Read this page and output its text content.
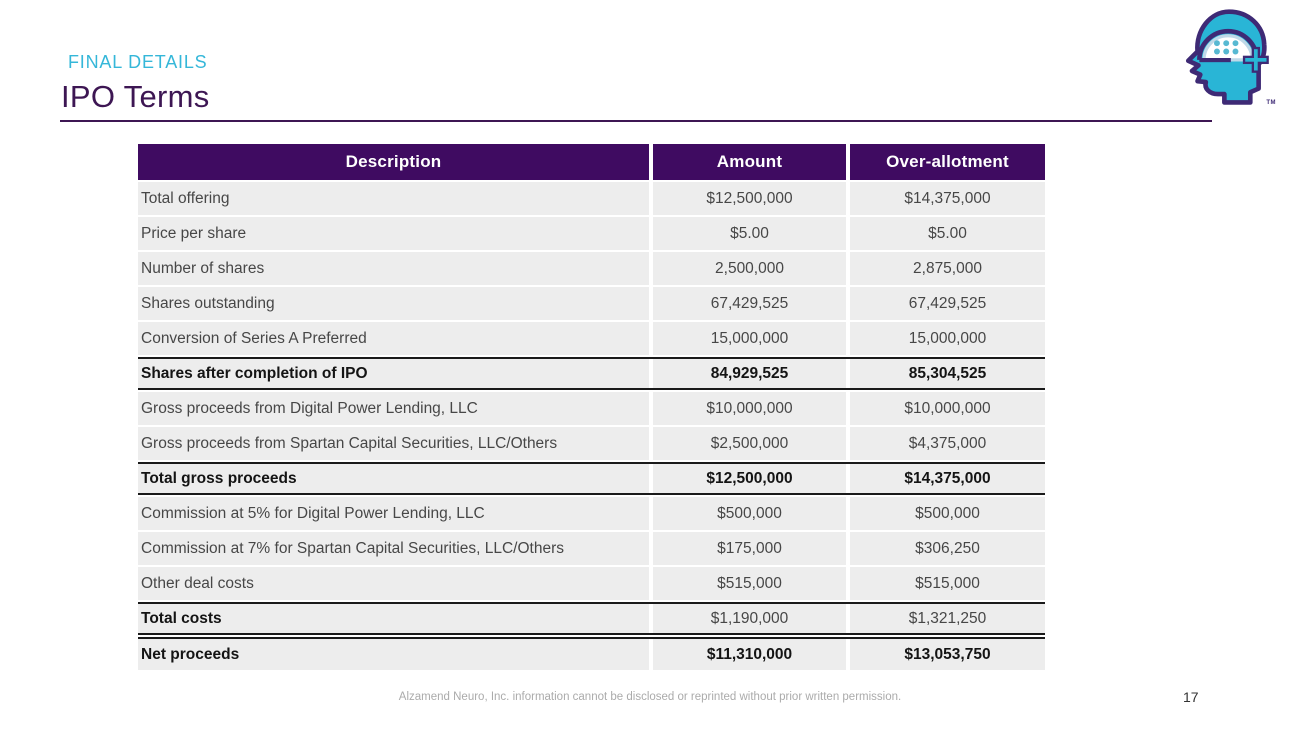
FINAL DETAILS
IPO Terms	TM
Description	Amount	Over-allotment
Total offering	$12,500,000	$14,375,000
Price per share	$5.00	$5.00
Number of shares	2,500,000	2,875,000
Shares outstanding	67,429,525	67,429,525
Conversion of Series A Preferred	15,000,000	15,000,000
Shares after completion of IPO	84,929,525	85,304,525
Gross proceeds from Digital Power Lending, LLC	$10,000,000	$10,000,000
Gross proceeds from Spartan Capital Securities, LLC/Others	$2,500,000	$4,375,000
Total gross proceeds	$12,500,000	$14,375,000
Commission at 5% for Digital Power Lending, LLC	$500,000	$500,000
Commission at 7% for Spartan Capital Securities, LLC/Others	$175,000	$306,250
Other deal costs	$515,000	$515,000
Total costs	$1,190,000	$1,321,250
Net proceeds	$11,310,000	$13,053,750
Alzamend Neuro, Inc. information cannot be disclosed or reprinted without prior written permission.	17
